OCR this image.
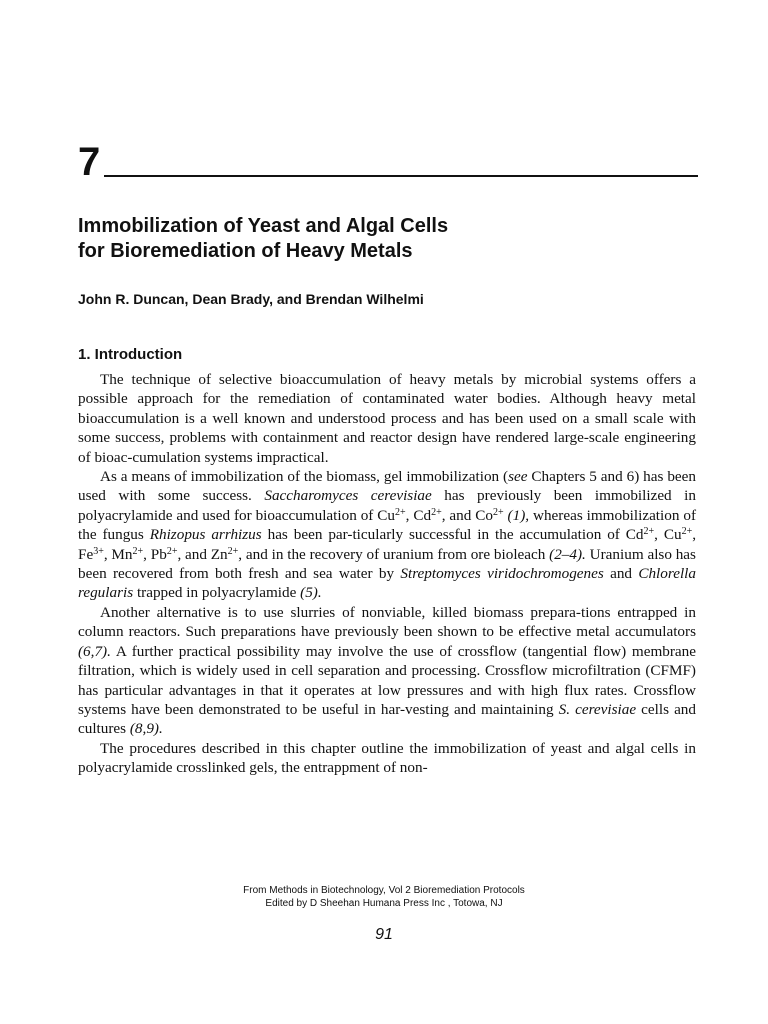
7
Immobilization of Yeast and Algal Cells
for Bioremediation of Heavy Metals
John R. Duncan, Dean Brady, and Brendan Wilhelmi
1. Introduction

The technique of selective bioaccumulation of heavy metals by microbial systems offers a possible approach for the remediation of contaminated water bodies. Although heavy metal bioaccumulation is a well known and understood process and has been used on a small scale with some success, problems with containment and reactor design have rendered large-scale engineering of bioac-cumulation systems impractical.

As a means of immobilization of the biomass, gel immobilization (see Chapters 5 and 6) has been used with some success. Saccharomyces cerevisiae has previously been immobilized in polyacrylamide and used for bioaccumulation of $Cu^{2+}$, $Cd^{2+}$, and $Co^{2+}$ (1), whereas immobilization of the fungus Rhizopus arrhizus has been par-ticularly successful in the accumulation of $Cd^{2+}$, $Cu^{2+}$, $Fe^{3+}$, $Mn^{2+}$, $Pb^{2+}$, and $Zn^{2+}$, and in the recovery of uranium from ore bioleach (2–4). Uranium also has been recovered from both fresh and sea water by Streptomyces viridochromogenes and Chlorella regularis trapped in polyacrylamide (5).

Another alternative is to use slurries of nonviable, killed biomass prepara-tions entrapped in column reactors. Such preparations have previously been shown to be effective metal accumulators (6,7). A further practical possibility may involve the use of crossflow (tangential flow) membrane filtration, which is widely used in cell separation and processing. Crossflow microfiltration (CFMF) has particular advantages in that it operates at low pressures and with high flux rates. Crossflow systems have been demonstrated to be useful in har-vesting and maintaining S. cerevisiae cells and cultures (8,9).

The procedures described in this chapter outline the immobilization of yeast and algal cells in polyacrylamide crosslinked gels, the entrappment of non-

From Methods in Biotechnology, Vol 2 Bioremediation Protocols
Edited by D Sheehan Humana Press Inc , Totowa, NJ
91
